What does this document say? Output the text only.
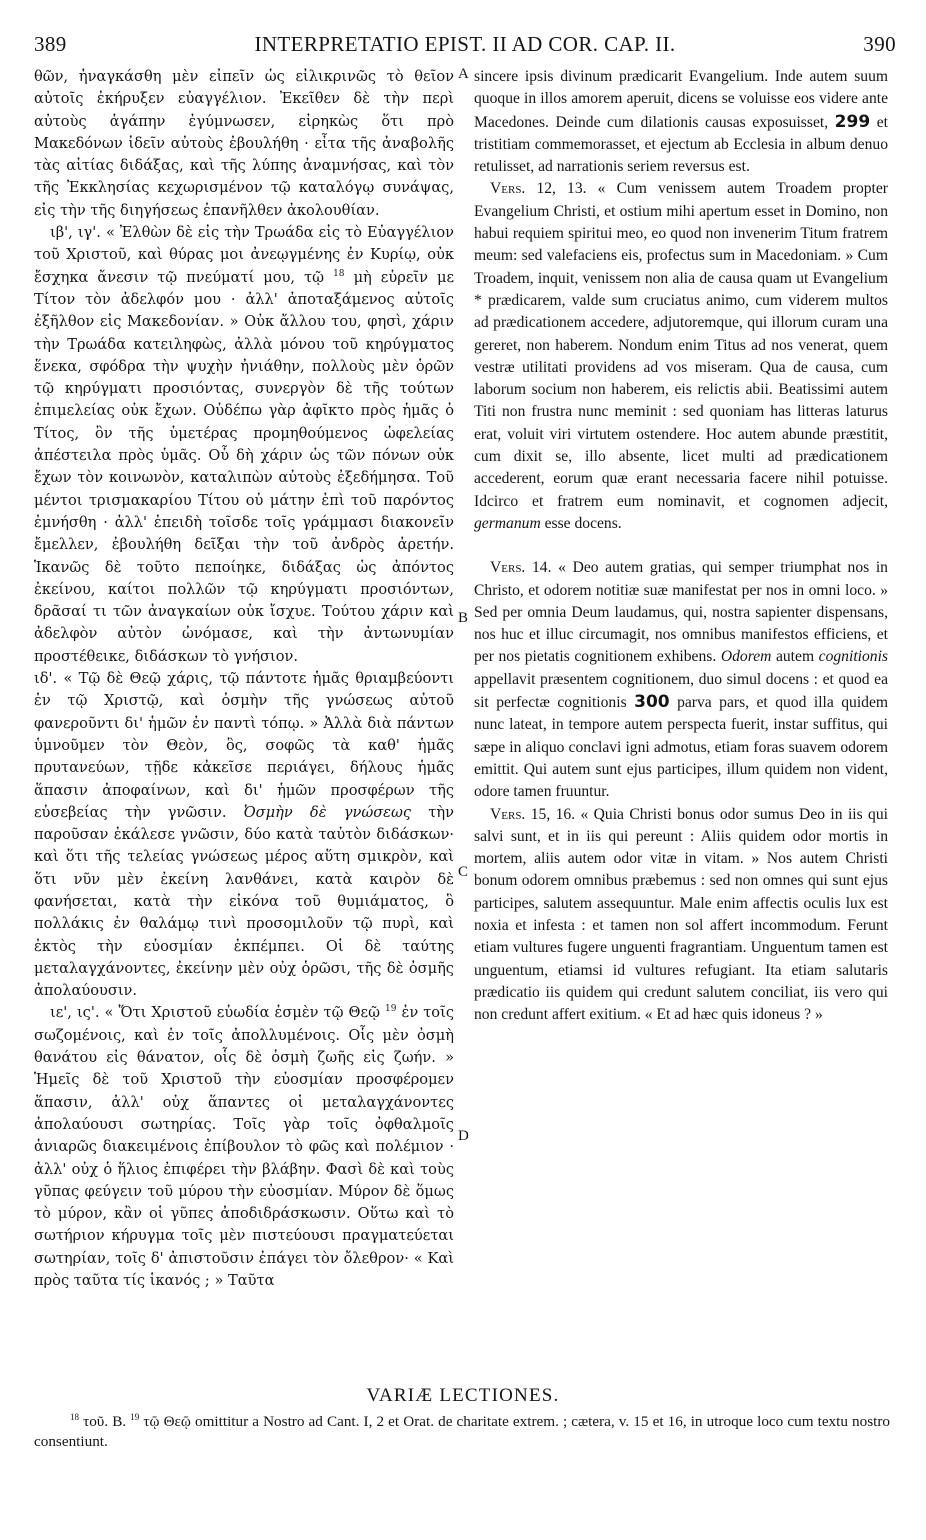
389	INTERPRETATIO EPIST. II AD COR. CAP. II.	390
A
B
C
D

θῶν, ἠναγκάσθη μὲν εἰπεῖν ὡς εἰλικρινῶς τὸ θεῖον αὐτοῖς ἐκήρυξεν εὐαγγέλιον. Ἐκεῖθεν δὲ τὴν περὶ αὐτοὺς ἀγάπην ἐγύμνωσεν, εἰρηκὼς ὅτι πρὸ Μακεδόνων ἰδεῖν αὐτοὺς ἐβουλήθη · εἶτα τῆς ἀναβολῆς τὰς αἰτίας διδάξας, καὶ τῆς λύπης ἀναμνήσας, καὶ τὸν τῆς Ἐκκλησίας κεχωρισμένον τῷ καταλόγῳ συνάψας, εἰς τὴν τῆς διηγήσεως ἐπανῆλθεν ἀκολουθίαν.

ιβ', ιγ'. « Ἐλθὼν δὲ εἰς τὴν Τρωάδα εἰς τὸ Εὐαγγέλιον τοῦ Χριστοῦ, καὶ θύρας μοι ἀνεῳγμένης ἐν Κυρίῳ, οὐκ ἔσχηκα ἄνεσιν τῷ πνεύματί μου, τῷ $^{18}$ μὴ εὑρεῖν με Τίτον τὸν ἀδελφόν μου · ἀλλ' ἀποταξάμενος αὐτοῖς ἐξῆλθον εἰς Μακεδονίαν. » Οὐκ ἄλλου του, φησὶ, χάριν τὴν Τρωάδα κατειληφὼς, ἀλλὰ μόνου τοῦ κηρύγματος ἕνεκα, σφόδρα τὴν ψυχὴν ἠνιάθην, πολλοὺς μὲν ὁρῶν τῷ κηρύγματι προσιόντας, συνεργὸν δὲ τῆς τούτων ἐπιμελείας οὐκ ἔχων. Οὐδέπω γὰρ ἀφῖκτο πρὸς ἡμᾶς ὁ Τίτος, ὃν τῆς ὑμετέρας προμηθούμενος ὠφελείας ἀπέστειλα πρὸς ὑμᾶς. Οὗ δὴ χάριν ὡς τῶν πόνων οὐκ ἔχων τὸν κοινωνὸν, καταλιπὼν αὐτοὺς ἐξεδήμησα. Τοῦ μέντοι τρισμακαρίου Τίτου οὐ μάτην ἐπὶ τοῦ παρόντος ἐμνήσθη · ἀλλ' ἐπειδὴ τοῖσδε τοῖς γράμμασι διακονεῖν ἔμελλεν, ἐβουλήθη δεῖξαι τὴν τοῦ ἀνδρὸς ἀρετήν. Ἱκανῶς δὲ τοῦτο πεποίηκε, διδάξας ὡς ἀπόντος ἐκείνου, καίτοι πολλῶν τῷ κηρύγματι προσιόντων, δρᾶσαί τι τῶν ἀναγκαίων οὐκ ἴσχυε. Τούτου χάριν καὶ ἀδελφὸν αὐτὸν ὠνόμασε, καὶ τὴν ἀντωνυμίαν προστέθεικε, διδάσκων τὸ γνήσιον.

ιδ'. « Τῷ δὲ Θεῷ χάρις, τῷ πάντοτε ἡμᾶς θριαμβεύοντι ἐν τῷ Χριστῷ, καὶ ὀσμὴν τῆς γνώσεως αὐτοῦ φανεροῦντι δι' ἡμῶν ἐν παντὶ τόπῳ. » Ἀλλὰ διὰ πάντων ὑμνοῦμεν τὸν Θεὸν, ὃς, σοφῶς τὰ καθ' ἡμᾶς πρυτανεύων, τῇδε κἀκεῖσε περιάγει, δήλους ἡμᾶς ἅπασιν ἀποφαίνων, καὶ δι' ἡμῶν προσφέρων τῆς εὐσεβείας τὴν γνῶσιν. Ὀσμὴν δὲ γνώσεως τὴν παροῦσαν ἐκάλεσε γνῶσιν, δύο κατὰ ταὐτὸν διδάσκων· καὶ ὅτι τῆς τελείας γνώσεως μέρος αὕτη σμικρὸν, καὶ ὅτι νῦν μὲν ἐκείνη λανθάνει, κατὰ καιρὸν δὲ φανήσεται, κατὰ τὴν εἰκόνα τοῦ θυμιάματος, ὃ πολλάκις ἐν θαλάμῳ τινὶ προσομιλοῦν τῷ πυρὶ, καὶ ἐκτὸς τὴν εὐοσμίαν ἐκπέμπει. Οἱ δὲ ταύτης μεταλαγχάνοντες, ἐκείνην μὲν οὐχ ὁρῶσι, τῆς δὲ ὀσμῆς ἀπολαύουσιν.

ιε', ις'. « Ὅτι Χριστοῦ εὐωδία ἐσμὲν τῷ Θεῷ $^{19}$ ἐν τοῖς σωζομένοις, καὶ ἐν τοῖς ἀπολλυμένοις. Οἷς μὲν ὀσμὴ θανάτου εἰς θάνατον, οἷς δὲ ὀσμὴ ζωῆς εἰς ζωήν. » Ἡμεῖς δὲ τοῦ Χριστοῦ τὴν εὐοσμίαν προσφέρομεν ἅπασιν, ἀλλ' οὐχ ἅπαντες οἱ μεταλαγχάνοντες ἀπολαύουσι σωτηρίας. Τοῖς γὰρ τοῖς ὀφθαλμοῖς ἀνιαρῶς διακειμένοις ἐπίβουλον τὸ φῶς καὶ πολέμιον · ἀλλ' οὐχ ὁ ἥλιος ἐπιφέρει τὴν βλάβην. Φασὶ δὲ καὶ τοὺς γῦπας φεύγειν τοῦ μύρου τὴν εὐοσμίαν. Μύρον δὲ ὅμως τὸ μύρον, κἂν οἱ γῦπες ἀποδιδράσκωσιν. Οὕτω καὶ τὸ σωτήριον κήρυγμα τοῖς μὲν πιστεύουσι πραγματεύεται σωτηρίαν, τοῖς δ' ἀπιστοῦσιν ἐπάγει τὸν ὄλεθρον· « Καὶ πρὸς ταῦτα τίς ἱκανός ; » Ταῦτα

sincere ipsis divinum prædicarit Evangelium. Inde autem suum quoque in illos amorem aperuit, dicens se voluisse eos videre ante Macedones. Deinde cum dilationis causas exposuisset, 299 et tristitiam commemorasset, et ejectum ab Ecclesia in album denuo retulisset, ad narrationis seriem reversus est.

Vers. 12, 13. « Cum venissem autem Troadem propter Evangelium Christi, et ostium mihi apertum esset in Domino, non habui requiem spiritui meo, eo quod non invenerim Titum fratrem meum: sed valefaciens eis, profectus sum in Macedoniam. » Cum Troadem, inquit, venissem non alia de causa quam ut Evangelium * prædicarem, valde sum cruciatus animo, cum viderem multos ad prædicationem accedere, adjutoremque, qui illorum curam una gereret, non haberem. Nondum enim Titus ad nos venerat, quem vestræ utilitati providens ad vos miseram. Qua de causa, cum laborum socium non haberem, eis relictis abii. Beatissimi autem Titi non frustra nunc meminit : sed quoniam has litteras laturus erat, voluit viri virtutem ostendere. Hoc autem abunde præstitit, cum dixit se, illo absente, licet multi ad prædicationem accederent, eorum quæ erant necessaria facere nihil potuisse. Idcirco et fratrem eum nominavit, et cognomen adjecit, germanum esse docens.

Vers. 14. « Deo autem gratias, qui semper triumphat nos in Christo, et odorem notitiæ suæ manifestat per nos in omni loco. » Sed per omnia Deum laudamus, qui, nostra sapienter dispensans, nos huc et illuc circumagit, nos omnibus manifestos efficiens, et per nos pietatis cognitionem exhibens. Odorem autem cognitionis appellavit præsentem cognitionem, duo simul docens : et quod ea sit perfectæ cognitionis 300 parva pars, et quod illa quidem nunc lateat, in tempore autem perspecta fuerit, instar suffitus, qui sæpe in aliquo conclavi igni admotus, etiam foras suavem odorem emittit. Qui autem sunt ejus participes, illum quidem non vident, odore tamen fruuntur.

Vers. 15, 16. « Quia Christi bonus odor sumus Deo in iis qui salvi sunt, et in iis qui pereunt : Aliis quidem odor mortis in mortem, aliis autem odor vitæ in vitam. » Nos autem Christi bonum odorem omnibus præbemus : sed non omnes qui sunt ejus participes, salutem assequuntur. Male enim affectis oculis lux est noxia et infesta : et tamen non sol affert incommodum. Ferunt etiam vultures fugere unguenti fragrantiam. Unguentum tamen est unguentum, etiamsi id vultures refugiant. Ita etiam salutaris prædicatio iis quidem qui credunt salutem conciliat, iis vero qui non credunt affert exitium. « Et ad hæc quis idoneus ? »

VARIÆ LECTIONES.
$^{18}$ τοῦ. B. $^{19}$ τῷ Θεῷ omittitur a Nostro ad Cant. I, 2 et Orat. de charitate extrem. ; cætera, v. 15 et 16, in utroque loco cum textu nostro consentiunt.
